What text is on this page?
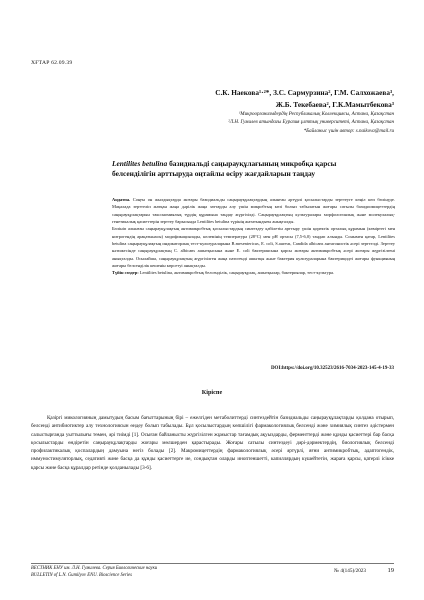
ХҒТАР 62.09.39
С.К. Наекова¹·²*, З.С. Сармурзина², Г.М. Салхожаева³,
Ж.Б. Текебаева², Г.К.Мамытбекова³
¹Микроорганизмдердің Республикалық Коллекциясы, Астана, Қазақстан
²Л.Н. Гумилев атындағы Еуразия ұлттық университеті, Астана, Қазақстан
*Байланыс үшін автор: s.naikova@mail.ru
Lentilites betulina базидиальді саңырауқұлағының микробқа қарсы белсенділігін арттыруда оңтайлы өсіру жағдайларын таңдау

Аңдатпа. Соңғы он жылдықтарда жоғары базидиальды саңырауқұлақтардың алынған әртүрлі қосылыстарды зерттеуге көңіл көп бөлінуде. Мақалада зерттеліп жатқан жаңа дәрілік жаңа заттарды алу үшін микробтың көзі болып табылатын жоғары сатылы базидиомицеттердің саңырауқұлақтарын таксономиялық түрдің құрамына таңдау жүргізілді. Саңырауқұлақтың культуралары морфологиялық және молекулалық-генетикалық қасиеттерін зерттеу барысында Lentilites betulina түрінің жататындығы анықталды.

Бөлініп алынған саңырауқұлақтың антимикробтық қосылыстардың синтездеу қабілетін арттыру үшін қоректік орталық құрамын (көміртегі мен нитрогендің арақатынасы) модификациялады, көлемінің температура (28°C) мен pH ортасы (7,5-6,0) таңдап алынды. Сонымен қатар, Lentilites betulina саңырауқұлақтың индикаторлық тест-культураларына B.mesentericus, E. coli, S.aureus, Candida albicans антагонистік әсері зерттелді. Зерттеу нәтижесінде саңырауқұлақтың C. albicans ашытқысына және E. coli бактериясына қарсы жоғары антимикробтық әсері жоғары жүргізілгені анықталды. Осылайша, саңырауқұлақтың жүргізілген жаңа патогенді ашытқы және бактерия культураларына бактерицидті жоғары функцияның жоғары белсенділік кешенін көрсетуі анықталды.

Түйін сөздер: Lentilites betulina, антимикробтық белсенділік, саңырауқұлақ, ашытқылар, бактериялар, тест-культура.

DOI:https://doi.org/10.32523/2616-7034-2023-145-4-19-33
Кіріспе

Қазіргі микологияның дамытудың басым бағыттарының бірі – ежелгіден метаболиттерді синтездейтін базидиальды саңырауқұлақтарды қолдана отырып, белсенді антибиотиктер алу технологиясын өндеу болып табылады. Бұл қосылыстардың көпшілігі фармакологиялық белсенді және химиялық синтез әдістермен салыстырғанда уыттылығы төмен, әрі тиімді [1]. Осыған байланысты жүргізілген жұмыстар тағамдық ақуыздарды, ферменттерді және құнды қасиеттері бар басқа қосылыстарды өндіретін саңырауқұлақтарды жоғары мөлшерден қарастырады. Жоғары сатылы синтездеуі дәрі-дәрмектердің, биологиялық белсенді профилактикалық қоспалардың дамуына негіз болады [2]. Макромицеттердің фармакологиялық әсері әртүрлі, яғни антимикробтық, адаптогендік, иммуностимуляторлық, седативті және басқа да құнды қасиеттерге ие, сондықтан оларды иноптеншетті, капиллярдың күшейтетін, жараға қарсы, қатерлі ісікке қарсы және басқа құралдар ретінде қолданылады [3-6].

ВЕСТНИК ЕНУ им. Л.Н. Гумилева. Серия Биологические науки
BULLETIN of L.N. Gumilyov ENU. Bioscience Series
№ 4(145)/2023	19
